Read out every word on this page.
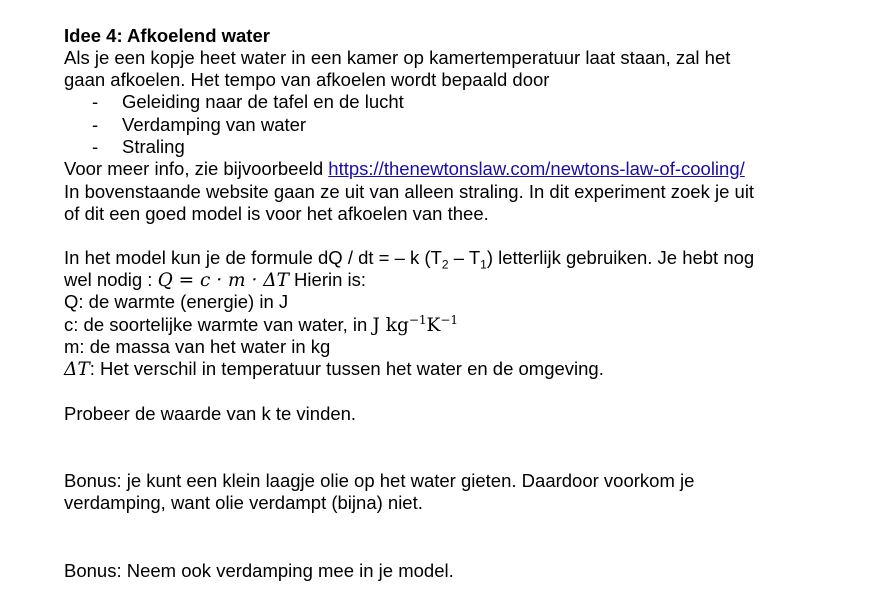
Idee 4: Afkoelend water
Als je een kopje heet water in een kamer op kamertemperatuur laat staan, zal het
gaan afkoelen. Het tempo van afkoelen wordt bepaald door
- Geleiding naar de tafel en de lucht
- Verdamping van water
- Straling
Voor meer info, zie bijvoorbeeld https://thenewtonslaw.com/newtons-law-of-cooling/
In bovenstaande website gaan ze uit van alleen straling. In dit experiment zoek je uit
of dit een goed model is voor het afkoelen van thee.
In het model kun je de formule dQ / dt = – k $(T_2 - T_1)$ letterlijk gebruiken. Je hebt nog
wel nodig : Q = c · m · ΔT Hierin is:
Q: de warmte (energie) in J
c: de soortelijke warmte van water, in J $kg^{-1}K^{-1}$
m: de massa van het water in kg
ΔT: Het verschil in temperatuur tussen het water en de omgeving.
Probeer de waarde van k te vinden.
Bonus: je kunt een klein laagje olie op het water gieten. Daardoor voorkom je
verdamping, want olie verdampt (bijna) niet.
Bonus: Neem ook verdamping mee in je model.
